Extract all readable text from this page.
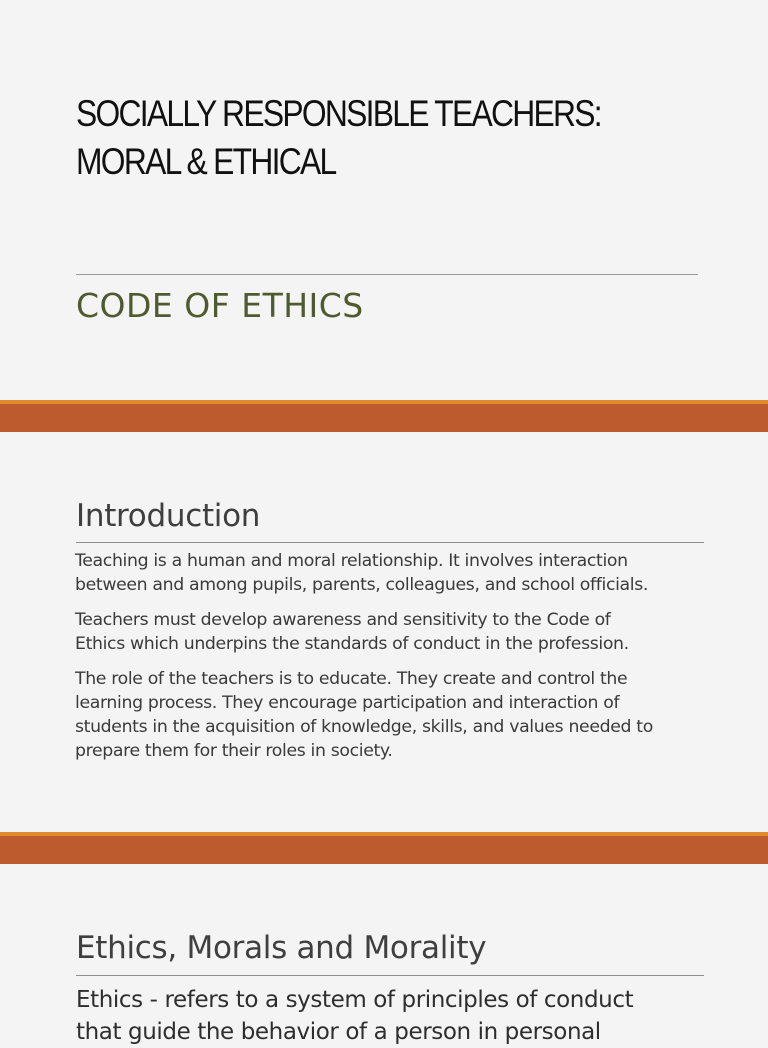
SOCIALLY RESPONSIBLE TEACHERS:
MORAL & ETHICAL
CODE OF ETHICS
Introduction

Teaching is a human and moral relationship. It involves interaction
between and among pupils, parents, colleagues, and school officials.

Teachers must develop awareness and sensitivity to the Code of
Ethics which underpins the standards of conduct in the profession.

The role of the teachers is to educate. They create and control the
learning process. They encourage participation and interaction of
students in the acquisition of knowledge, skills, and values needed to
prepare them for their roles in society.

Ethics, Morals and Morality

Ethics - refers to a system of principles of conduct
that guide the behavior of a person in personal
